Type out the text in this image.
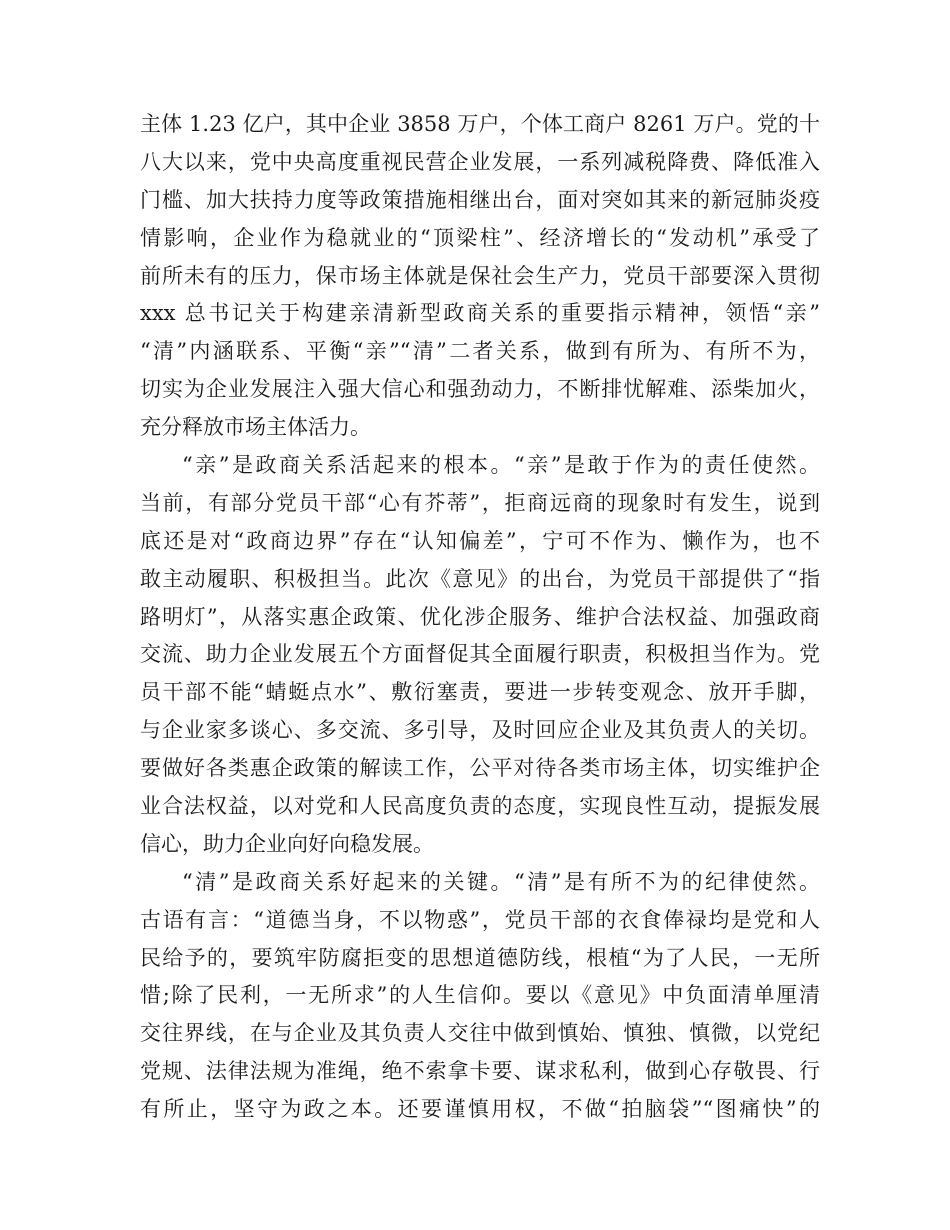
主体 1.23 亿户，其中企业 3858 万户，个体工商户 8261 万户。党的十
八大以来，党中央高度重视民营企业发展，一系列减税降费、降低准入
门槛、加大扶持力度等政策措施相继出台，面对突如其来的新冠肺炎疫
情影响，企业作为稳就业的“顶梁柱”、经济增长的“发动机”承受了
前所未有的压力，保市场主体就是保社会生产力，党员干部要深入贯彻
xxx 总书记关于构建亲清新型政商关系的重要指示精神，领悟“亲”
“清”内涵联系、平衡“亲”“清”二者关系，做到有所为、有所不为，
切实为企业发展注入强大信心和强劲动力，不断排忧解难、添柴加火，
充分释放市场主体活力。
“亲”是政商关系活起来的根本。“亲”是敢于作为的责任使然。
当前，有部分党员干部“心有芥蒂”，拒商远商的现象时有发生，说到
底还是对“政商边界”存在“认知偏差”，宁可不作为、懒作为，也不
敢主动履职、积极担当。此次《意见》的出台，为党员干部提供了“指
路明灯”，从落实惠企政策、优化涉企服务、维护合法权益、加强政商
交流、助力企业发展五个方面督促其全面履行职责，积极担当作为。党
员干部不能“蜻蜓点水”、敷衍塞责，要进一步转变观念、放开手脚，
与企业家多谈心、多交流、多引导，及时回应企业及其负责人的关切。
要做好各类惠企政策的解读工作，公平对待各类市场主体，切实维护企
业合法权益，以对党和人民高度负责的态度，实现良性互动，提振发展
信心，助力企业向好向稳发展。
“清”是政商关系好起来的关键。“清”是有所不为的纪律使然。
古语有言：“道德当身，不以物惑”，党员干部的衣食俸禄均是党和人
民给予的，要筑牢防腐拒变的思想道德防线，根植“为了人民，一无所
惜;除了民利，一无所求”的人生信仰。要以《意见》中负面清单厘清
交往界线，在与企业及其负责人交往中做到慎始、慎独、慎微，以党纪
党规、法律法规为准绳，绝不索拿卡要、谋求私利，做到心存敬畏、行
有所止，坚守为政之本。还要谨慎用权，不做“拍脑袋”“图痛快”的
